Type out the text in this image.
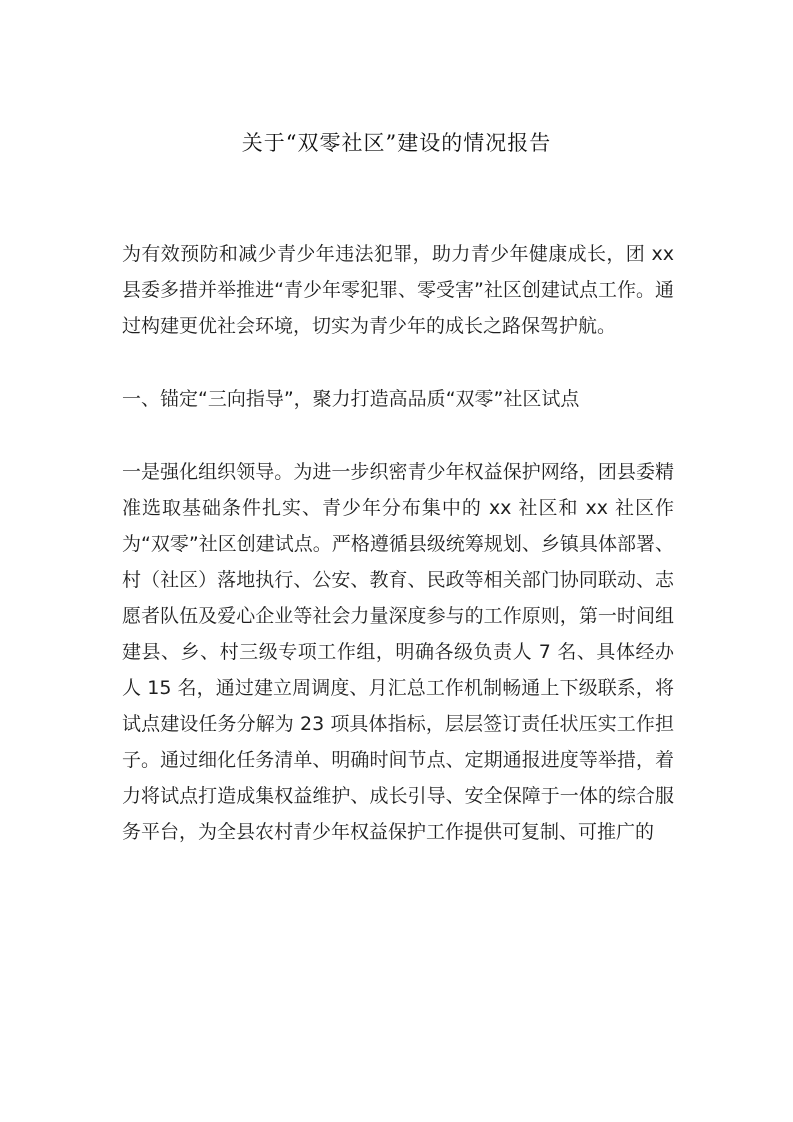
关于“双零社区”建设的情况报告

为有效预防和减少青少年违法犯罪，助力青少年健康成长，团 xx 县委多措并举推进“青少年零犯罪、零受害”社区创建试点工作。通过构建更优社会环境，切实为青少年的成长之路保驾护航。

一、锚定“三向指导”，聚力打造高品质“双零”社区试点

一是强化组织领导。为进一步织密青少年权益保护网络，团县委精准选取基础条件扎实、青少年分布集中的 xx 社区和 xx 社区作为“双零”社区创建试点。严格遵循县级统筹规划、乡镇具体部署、村（社区）落地执行、公安、教育、民政等相关部门协同联动、志愿者队伍及爱心企业等社会力量深度参与的工作原则，第一时间组建县、乡、村三级专项工作组，明确各级负责人 7 名、具体经办人 15 名，通过建立周调度、月汇总工作机制畅通上下级联系，将试点建设任务分解为 23 项具体指标，层层签订责任状压实工作担子。通过细化任务清单、明确时间节点、定期通报进度等举措，着力将试点打造成集权益维护、成长引导、安全保障于一体的综合服务平台，为全县农村青少年权益保护工作提供可复制、可推广的
